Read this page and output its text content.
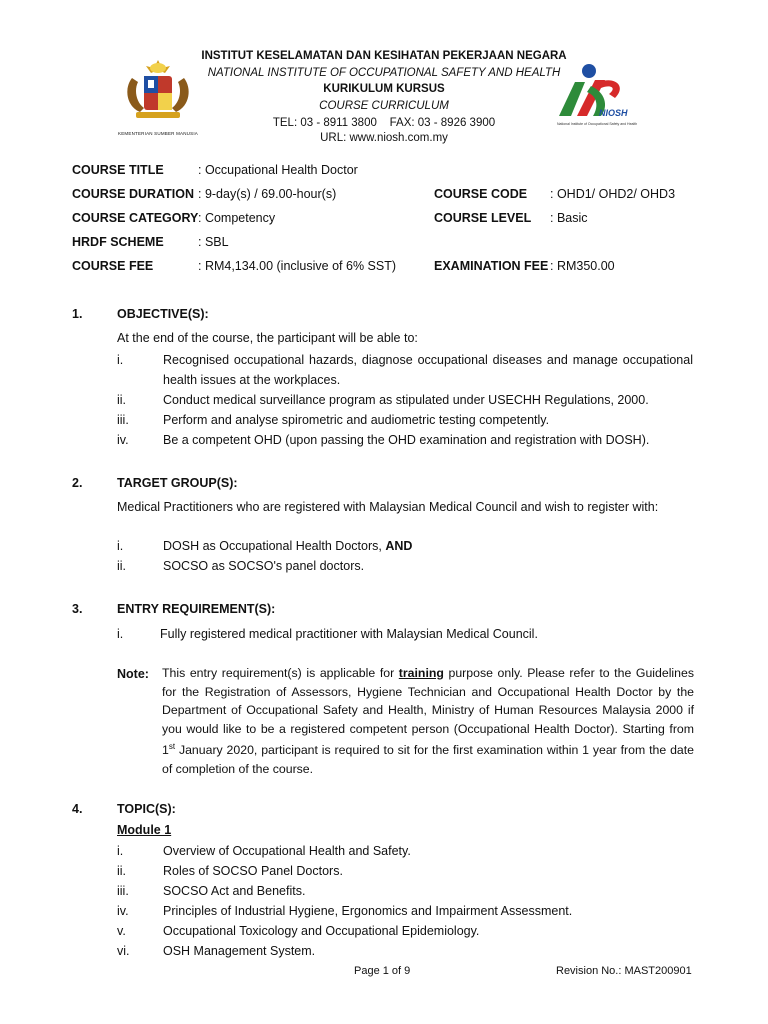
INSTITUT KESELAMATAN DAN KESIHATAN PEKERJAAN NEGARA
NATIONAL INSTITUTE OF OCCUPATIONAL SAFETY AND HEALTH
KURIKULUM KURSUS
COURSE CURRICULUM
TEL: 03 - 8911 3800    FAX: 03 - 8926 3900
URL: www.niosh.com.my
KEMENTERIAN SUMBER MANUSIA
NIOSH
National Institute of Occupational Safety and Health
COURSE TITLE	: Occupational Health Doctor
COURSE DURATION : 9-day(s) / 69.00-hour(s)	COURSE CODE : OHD1/ OHD2/ OHD3
COURSE CATEGORY : Competency	COURSE LEVEL : Basic
HRDF SCHEME	: SBL
COURSE FEE	: RM4,134.00 (inclusive of 6% SST)	EXAMINATION FEE : RM350.00
1.	OBJECTIVE(S):
At the end of the course, the participant will be able to:
i.	Recognised occupational hazards, diagnose occupational diseases and manage occupational health issues at the workplaces.
ii.	Conduct medical surveillance program as stipulated under USECHH Regulations, 2000.
iii.	Perform and analyse spirometric and audiometric testing competently.
iv.	Be a competent OHD (upon passing the OHD examination and registration with DOSH).
2.	TARGET GROUP(S):
Medical Practitioners who are registered with Malaysian Medical Council and wish to register with:
i.	DOSH as Occupational Health Doctors, AND
ii.	SOCSO as SOCSO's panel doctors.
3.	ENTRY REQUIREMENT(S):
i.	Fully registered medical practitioner with Malaysian Medical Council.
Note: This entry requirement(s) is applicable for training purpose only. Please refer to the Guidelines for the Registration of Assessors, Hygiene Technician and Occupational Health Doctor by the Department of Occupational Safety and Health, Ministry of Human Resources Malaysia 2000 if you would like to be a registered competent person (Occupational Health Doctor). Starting from 1st January 2020, participant is required to sit for the first examination within 1 year from the date of completion of the course.
4.	TOPIC(S):
Module 1
i.	Overview of Occupational Health and Safety.
ii.	Roles of SOCSO Panel Doctors.
iii.	SOCSO Act and Benefits.
iv.	Principles of Industrial Hygiene, Ergonomics and Impairment Assessment.
v.	Occupational Toxicology and Occupational Epidemiology.
vi.	OSH Management System.
Page 1 of 9	Revision No.: MAST200901
